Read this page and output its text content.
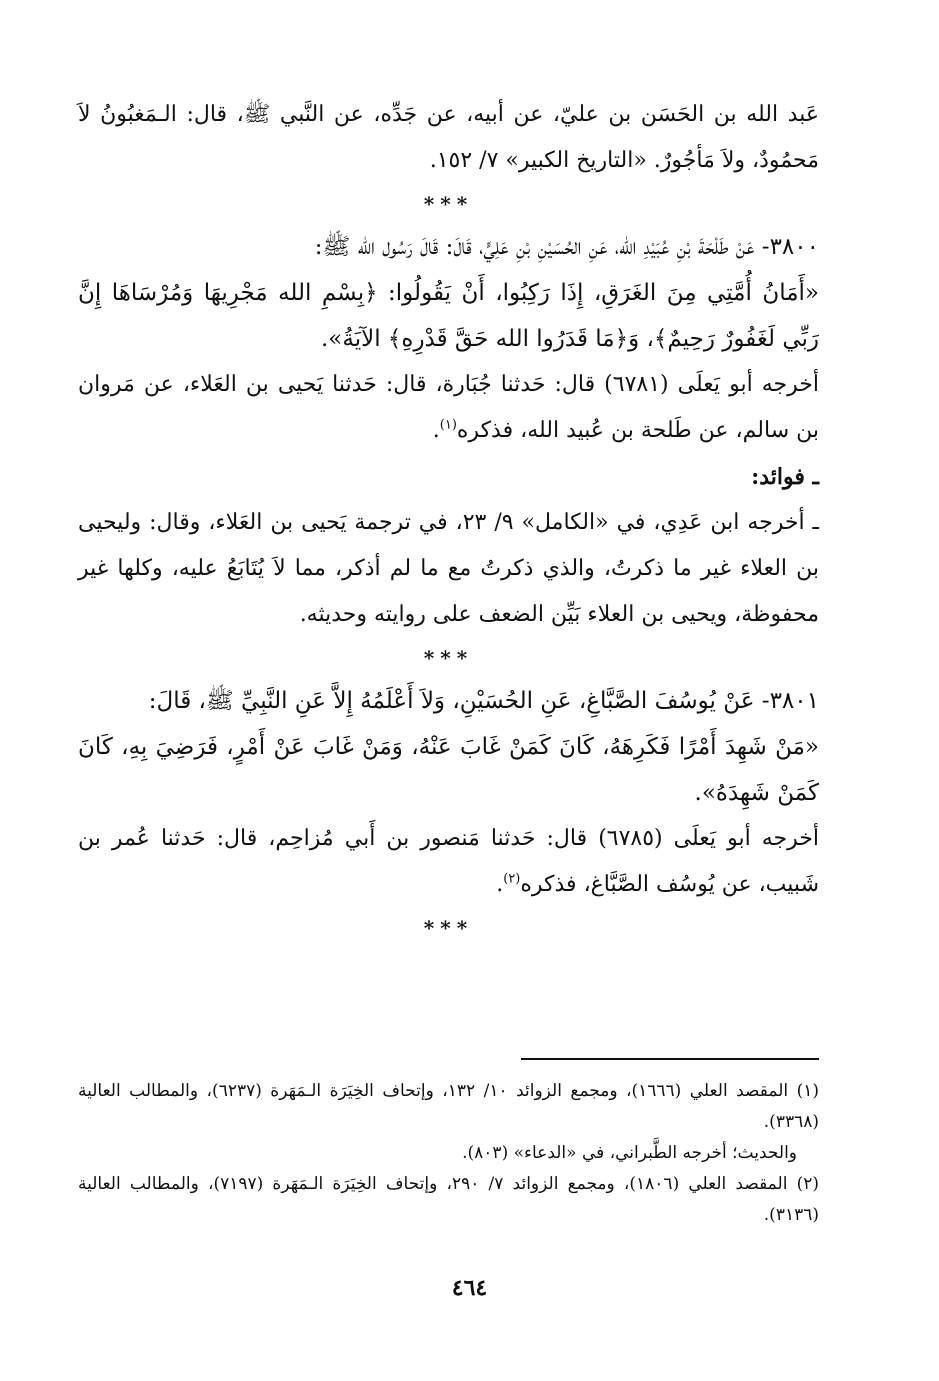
عَبد الله بن الحَسَن بن عليّ، عن أبيه، عن جَدِّه، عن النَّبي ﷺ، قال: الـمَغبُونُ لاَ مَحمُودٌ، ولاَ مَأجُورٌ. «التاريخ الكبير» ٧/ ١٥٢.

***

٣٨٠٠- عَنْ طَلْحَةَ بْنِ عُبَيْدِ الله، عَنِ الحُسَيْنِ بْنِ عَلِيٍّ، قَالَ: قَالَ رَسُول الله ﷺ:

«أَمَانُ أُمَّتِي مِنَ الغَرَقِ، إِذَا رَكِبُوا، أَنْ يَقُولُوا: ﴿بِسْمِ الله مَجْرِيهَا وَمُرْسَاهَا إِنَّ رَبِّي لَغَفُورٌ رَحِيمٌ﴾، وَ﴿مَا قَدَرُوا الله حَقَّ قَدْرِهِ﴾ الآيَةُ».

أخرجه أبو يَعلَى (٦٧٨١) قال: حَدثنا جُبَارة، قال: حَدثنا يَحيى بن العَلاء، عن مَروان بن سالم، عن طَلحة بن عُبيد الله، فذكره$^{(١)}$.

ـ فوائد:

ـ أخرجه ابن عَدِي، في «الكامل» ٩/ ٢٣، في ترجمة يَحيى بن العَلاء، وقال: وليحيى بن العلاء غير ما ذكرتُ، والذي ذكرتُ مع ما لم أذكر، مما لاَ يُتَابَعُ عليه، وكلها غير محفوظة، ويحيى بن العلاء بَيِّن الضعف على روايته وحديثه.

***

٣٨٠١- عَنْ يُوسُفَ الصَّبَّاغِ، عَنِ الحُسَيْنِ، وَلاَ أَعْلَمُهُ إِلاَّ عَنِ النَّبِيِّ ﷺ، قَالَ:

«مَنْ شَهِدَ أَمْرًا فَكَرِهَهُ، كَانَ كَمَنْ غَابَ عَنْهُ، وَمَنْ غَابَ عَنْ أَمْرٍ، فَرَضِيَ بِهِ، كَانَ كَمَنْ شَهِدَهُ».

أخرجه أبو يَعلَى (٦٧٨٥) قال: حَدثنا مَنصور بن أَبي مُزاحِم، قال: حَدثنا عُمر بن شَبيب، عن يُوسُف الصَّبَّاغ، فذكره$^{(٢)}$.

***

(١) المقصد العلي (١٦٦٦)، ومجمع الزوائد ١٠/ ١٣٢، وإتحاف الخِيَرَة الـمَهَرة (٦٢٣٧)، والمطالب العالية (٣٣٦٨).

والحديث؛ أخرجه الطَّبراني، في «الدعاء» (٨٠٣).

(٢) المقصد العلي (١٨٠٦)، ومجمع الزوائد ٧/ ٢٩٠، وإتحاف الخِيَرَة الـمَهَرة (٧١٩٧)، والمطالب العالية (٣١٣٦).

٤٦٤
